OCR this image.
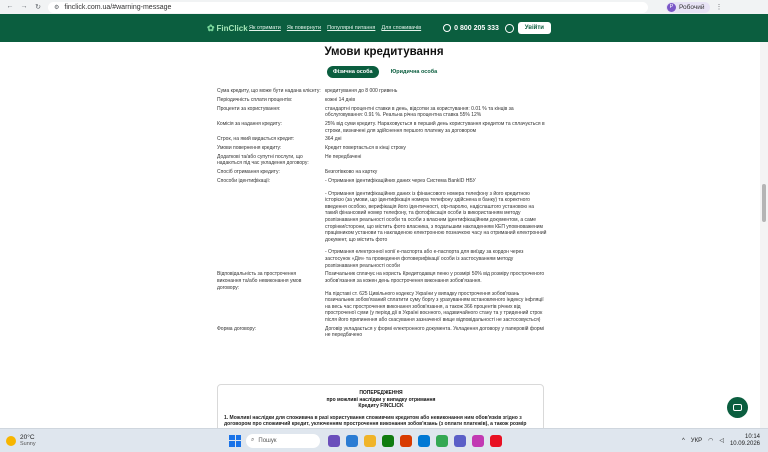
← → ↻ ⚙ finclick.com.ua/#warning-message	Р Робочий ⋮
✿ FinClick Як отримати Як повернути Популярні питання Для споживачів	0 800 205 333	Увійти
Умови кредитування
Фізична особа	Юридична особа
Сума кредиту, що може бути надана клієнту: кредитування до 8 000 гривень

Періодичність сплати процентів:	кожні 14 днів

Проценти за користування:	стандартні процентні ставки в день, відсотки за користування: 0.01 % та кінців за обслуговування: 0.91 %. Реальна річна процентна ставка 55% 12%

Комісія за надання кредиту:	25% від суми кредиту. Нараховується в перший день користування кредитом та сплачується в строки, визначені для здійснення першого платежу за договором

Строк, на який видається кредит:	364 дні

Умови повернення кредиту:	Кредит повертається в кінці строку

Додаткові та/або супутні послуги, що надаються під час укладення договору:

Не передбачені

Спосіб отримання кредиту:	Безготівково на картку

Способи ідентифікації:	- Отримання ідентифікаційних даних через Система BankID НБУ

- Отримання ідентифікаційних даних із фінансового номера телефону з його кредитною історією (за умови, що ідентифікація номера телефону здійснена в банку) та коректного введення особою, верифікація його ідентичності, otp-паролю, надіслаштого установою на такий фінансовий номер телефону, та фотофіксація особи із використанням методу розпізнавання реальності особи та особи з власним ідентифікаційним документом, а саме сторінки/сторони, що містить фото власника, з подальшим накладенням КЕП уповноваженим працівником установи та накладеною електронною позначкою часу на отриманий електронний документ, що містить фото

- Отримання електронної копії е-паспорта або е-паспорта для виїзду за кордон через застосунок «Дія» та проведення фотоверифікації особи із застосуванням методу розпізнавання реальності особи

Відповідальність за прострочення виконання та/або невиконання умов договору:

Позичальник сплачує на користь Кредитодавця пеню у розмірі 50% від розміру простроченого зобов'язання за кожен день прострочення виконання зобов'язання.

На підставі ст. 625 Цивільного кодексу України у випадку прострочення зобов'язань позичальник зобов'язаний сплатити суму боргу з урахуванням встановленого індексу інфляції на весь час прострочення виконання зобов'язання, а також 366 процентів річних від простроченої суми (у період дії в Україні воєнного, надзвичайного стану та у триденний строк після його припинення або скасування зазначеної вище відповідальності не застосовується)

Форма договору:	Договір укладається у формі електронного документа. Укладення договору у паперовій формі не передбачено

ПОПЕРЕДЖЕННЯ
про можливі наслідки у випадку отримання
Кредиту FINCLICK
1. Можливі наслідки для споживача в разі користування споживчим кредитом або невиконання ним обов'язків згідно з договором про споживчий кредит, уключенням прострочення виконання зобов'язань (з оплати платежів), а також розмір
20°C
Sunny
⌕ Пошук	^ УКР ◠ ◁
10:14
10.09.2026
